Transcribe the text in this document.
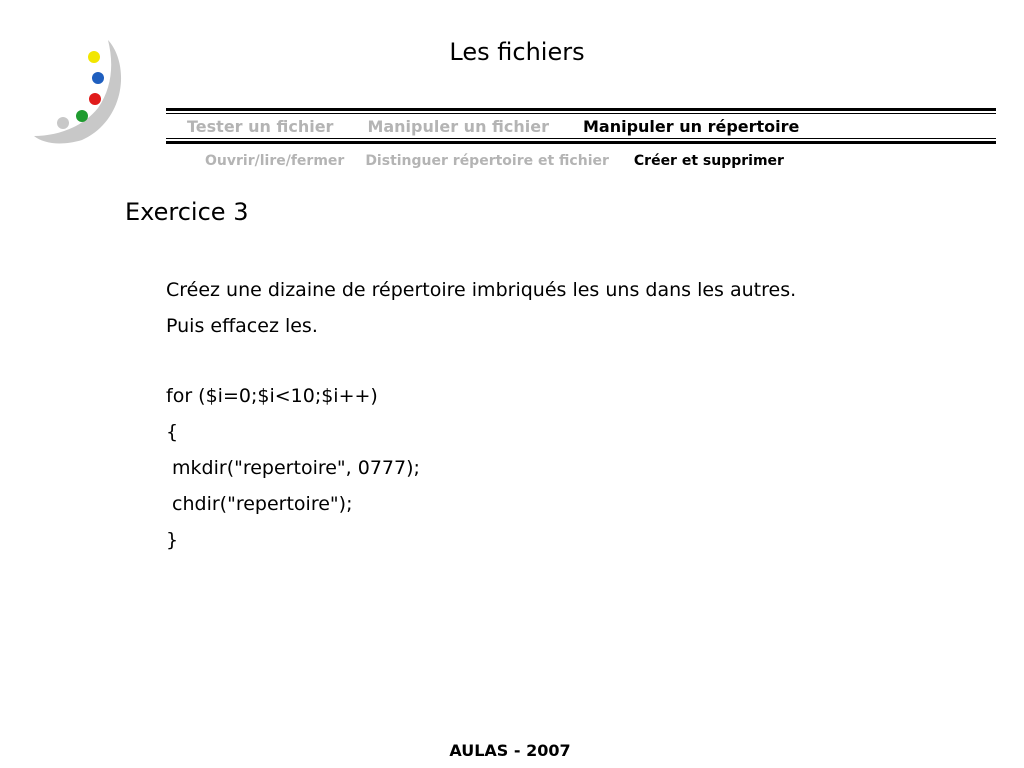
Les fichiers
Tester un fichier Manipuler un fichier Manipuler un répertoire
Ouvrir/lire/fermer Distinguer répertoire et fichier Créer et supprimer
Exercice 3
Créez une dizaine de répertoire imbriqués les uns dans les autres.
Puis effacez les.
for ($i=0;$i<10;$i++)
{
mkdir("repertoire", 0777);
chdir("repertoire");
}
AULAS - 2007
